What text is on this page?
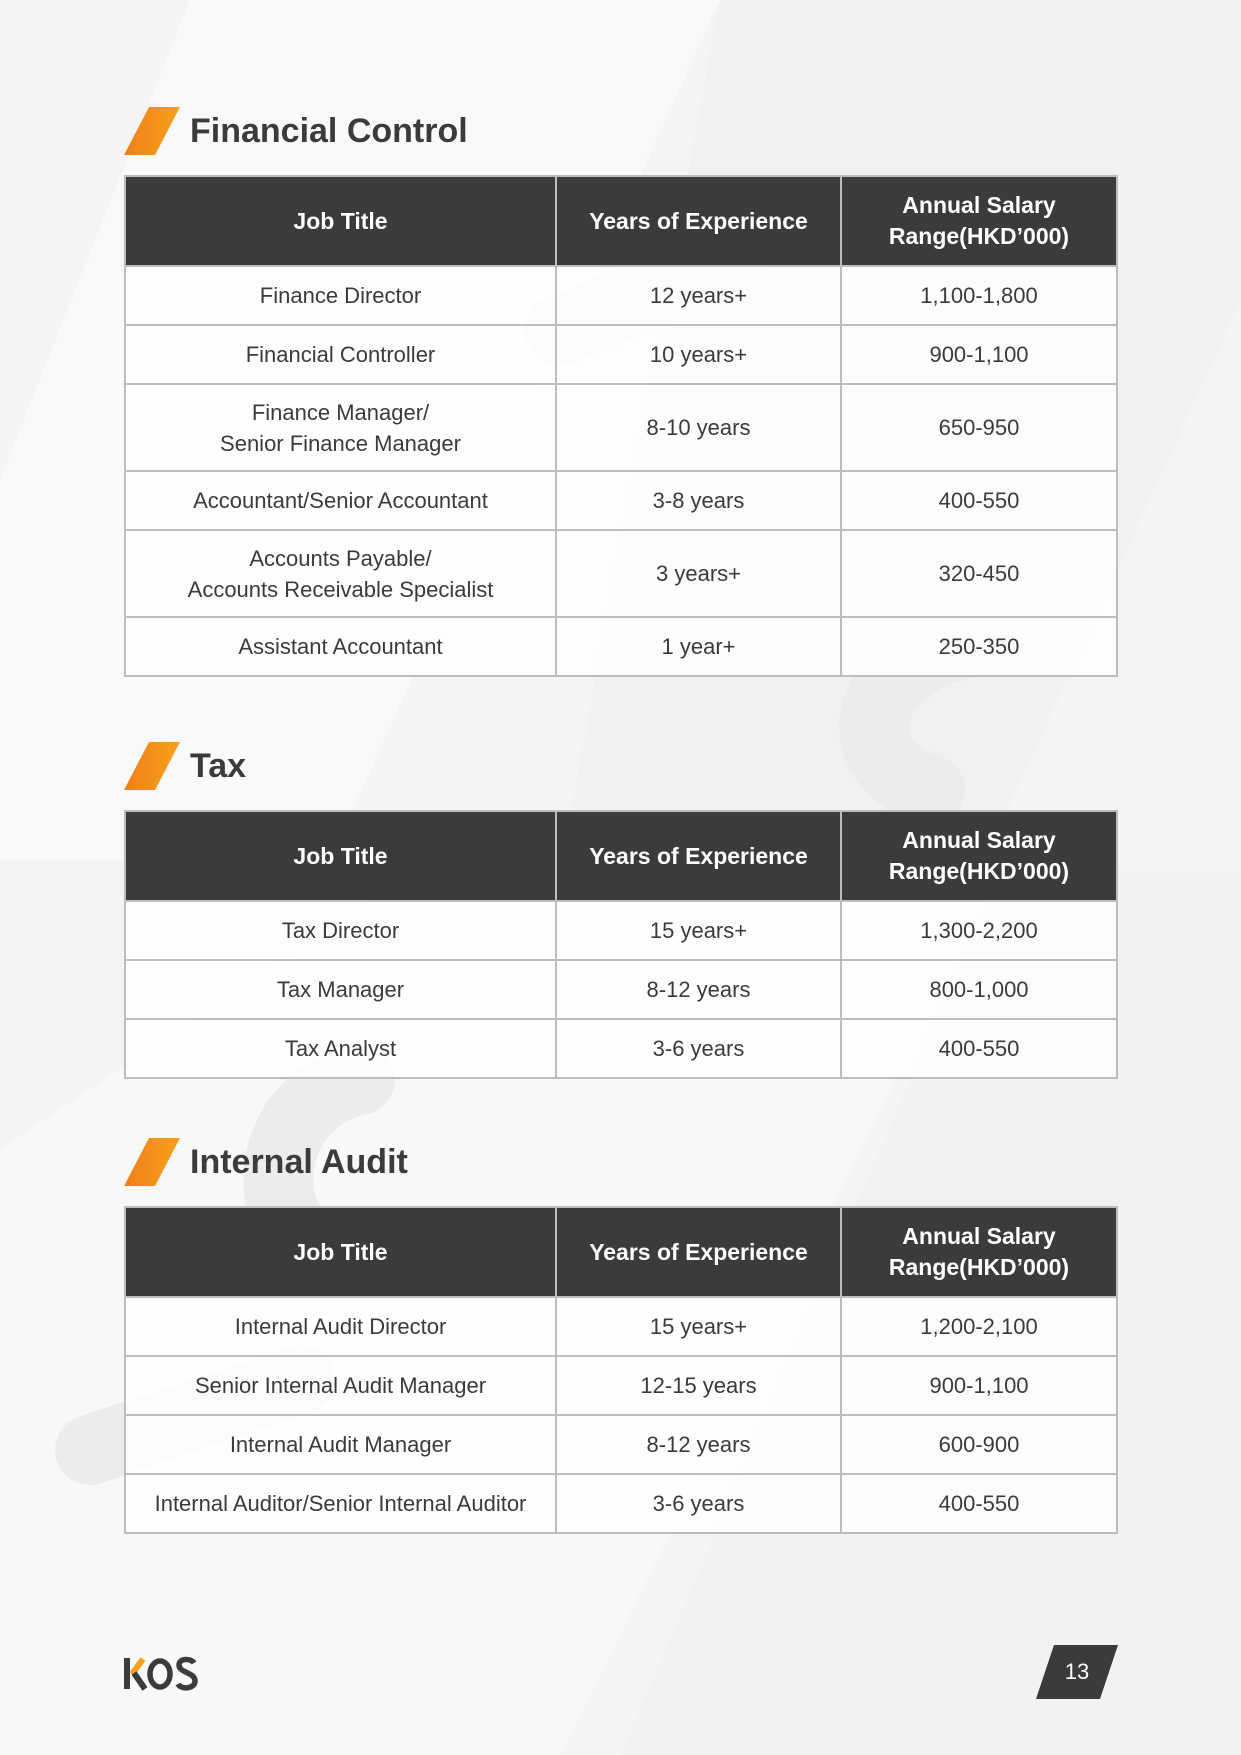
Financial Control
Job Title	Years of Experience	Annual Salary
Range(HKD’000)
Finance Director	12 years+	1,100-1,800
Financial Controller	10 years+	900-1,100
Finance Manager/
Senior Finance Manager	8-10 years	650-950
Accountant/Senior Accountant	3-8 years	400-550
Accounts Payable/
Accounts Receivable Specialist	3 years+	320-450
Assistant Accountant	1 year+	250-350
Tax
Job Title	Years of Experience	Annual Salary
Range(HKD’000)
Tax Director	15 years+	1,300-2,200
Tax Manager	8-12 years	800-1,000
Tax Analyst	3-6 years	400-550
Internal Audit
Job Title	Years of Experience	Annual Salary
Range(HKD’000)
Internal Audit Director	15 years+	1,200-2,100
Senior Internal Audit Manager	12-15 years	900-1,100
Internal Audit Manager	8-12 years	600-900
Internal Auditor/Senior Internal Auditor	3-6 years	400-550
13
